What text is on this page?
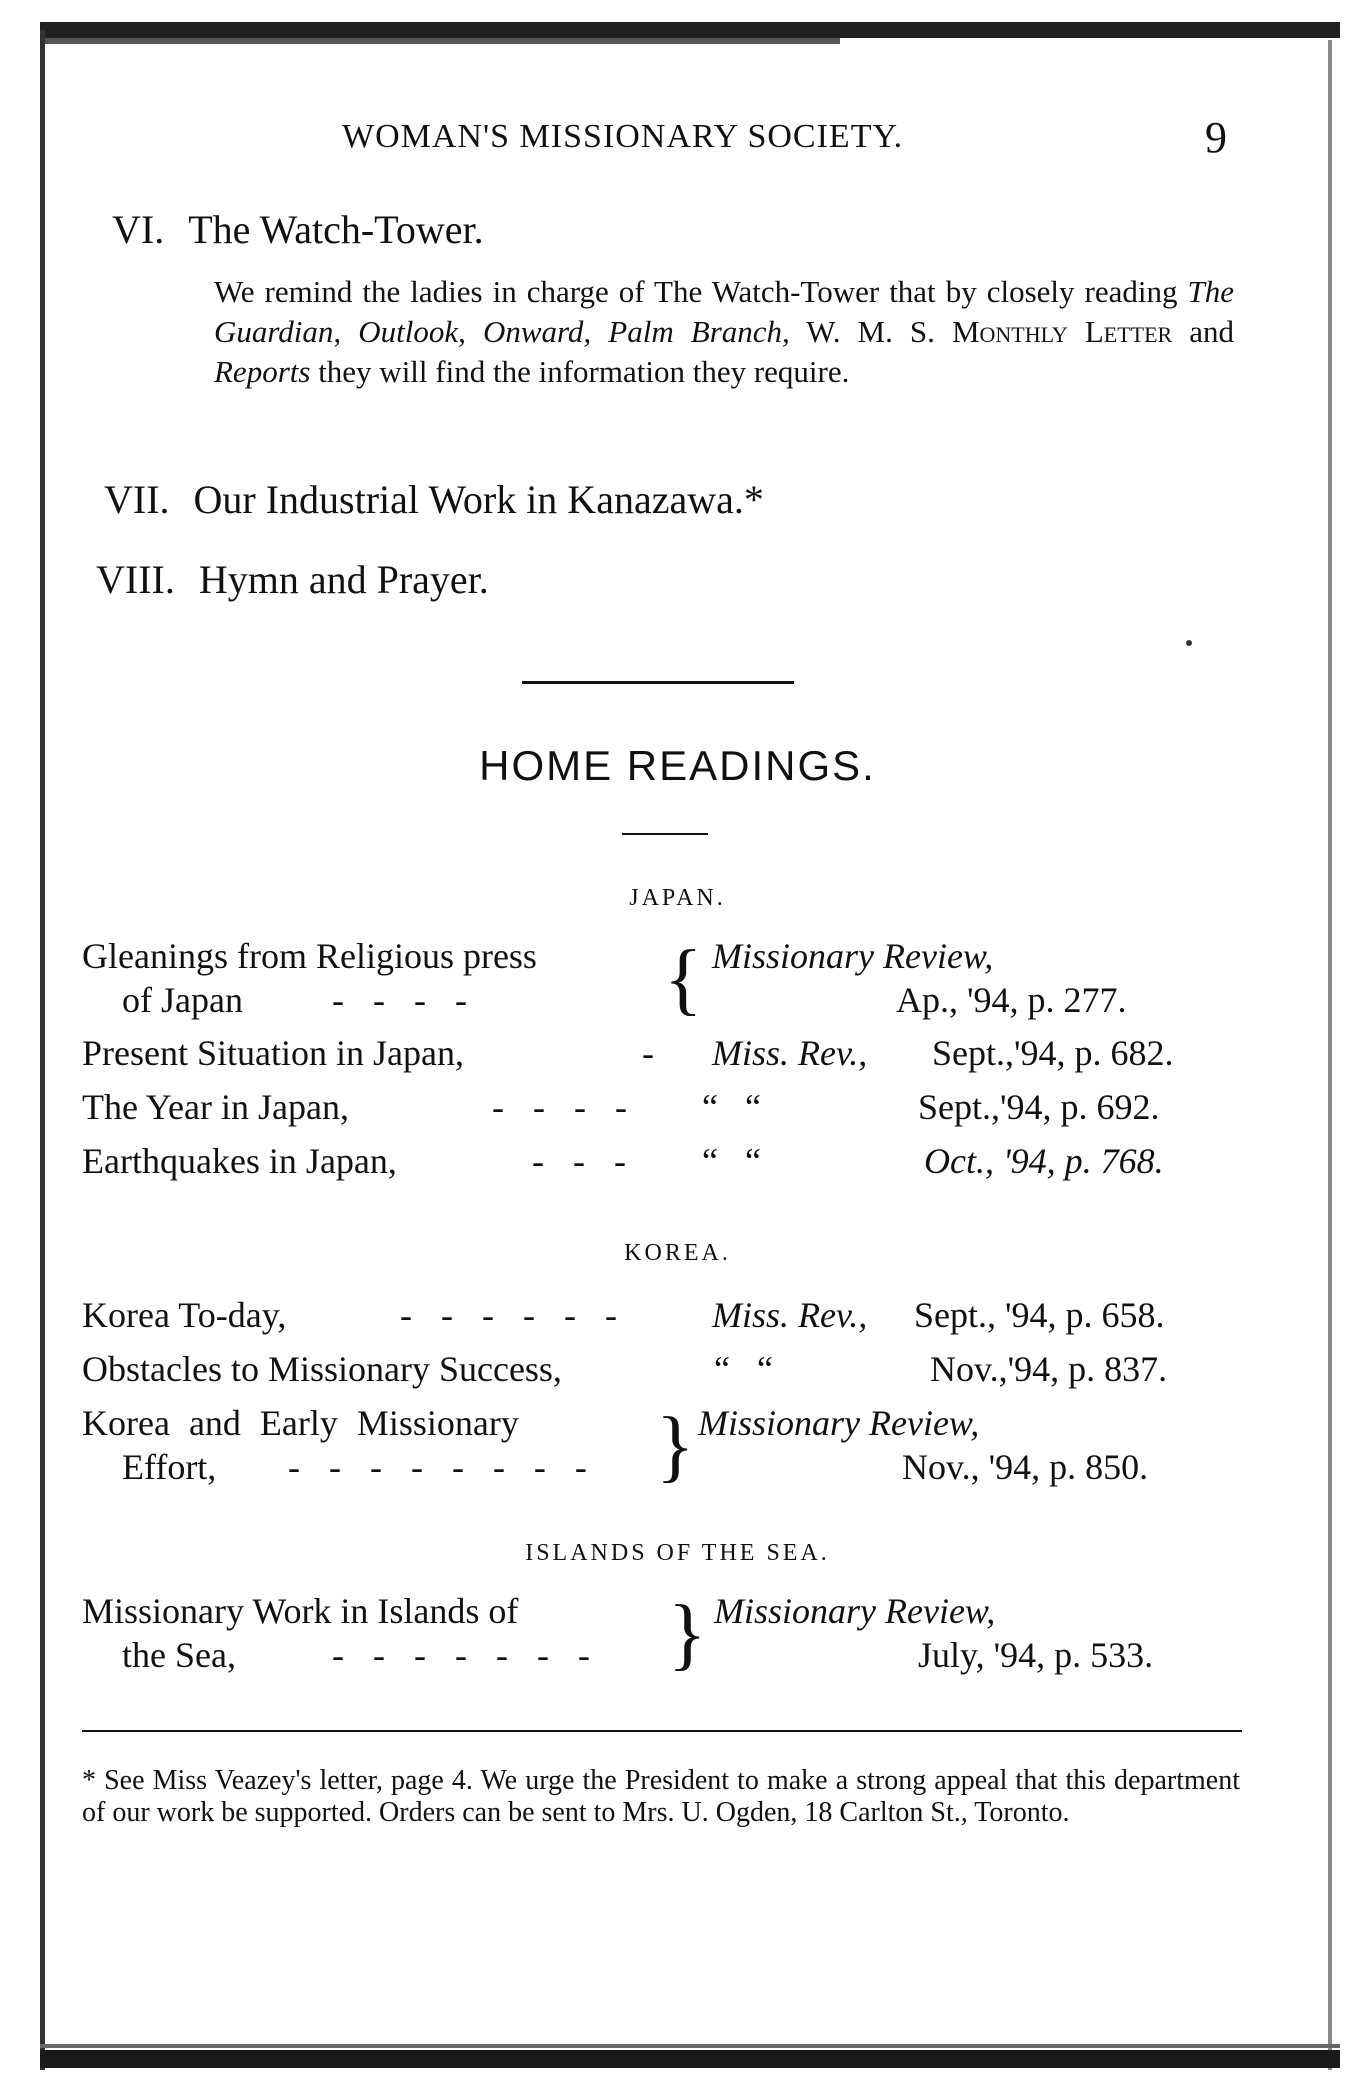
WOMAN'S MISSIONARY SOCIETY.	9
VI. The Watch-Tower.
We remind the ladies in charge of The Watch-Tower that by closely reading The Guardian, Outlook, Onward, Palm Branch, W. M. S. Monthly Letter and Reports they will find the information they require.
VII. Our Industrial Work in Kanazawa.*
VIII. Hymn and Prayer.
HOME READINGS.
JAPAN.
Gleanings from Religious press
of Japan - - - - { Missionary Review,
Ap., '94, p. 277.
Present Situation in Japan,	- Miss. Rev., Sept.,'94, p. 682.
The Year in Japan,	- - - - “   “	Sept.,'94, p. 692.
Earthquakes in Japan,	- - - “   “	Oct., '94, p. 768.
KOREA.
Korea To-day,	- - - - - - Miss. Rev., Sept., '94, p. 658.
Obstacles to Missionary Success,	“   “	Nov.,'94, p. 837.
Korea and Early Missionary
Effort, - - - - - - - - } Missionary Review,
Nov., '94, p. 850.
ISLANDS OF THE SEA.
Missionary Work in Islands of
the Sea,	- - - - - - - } Missionary Review,
July, '94, p. 533.
* See Miss Veazey's letter, page 4. We urge the President to make a strong appeal that this department of our work be supported. Orders can be sent to Mrs. U. Ogden, 18 Carlton St., Toronto.
